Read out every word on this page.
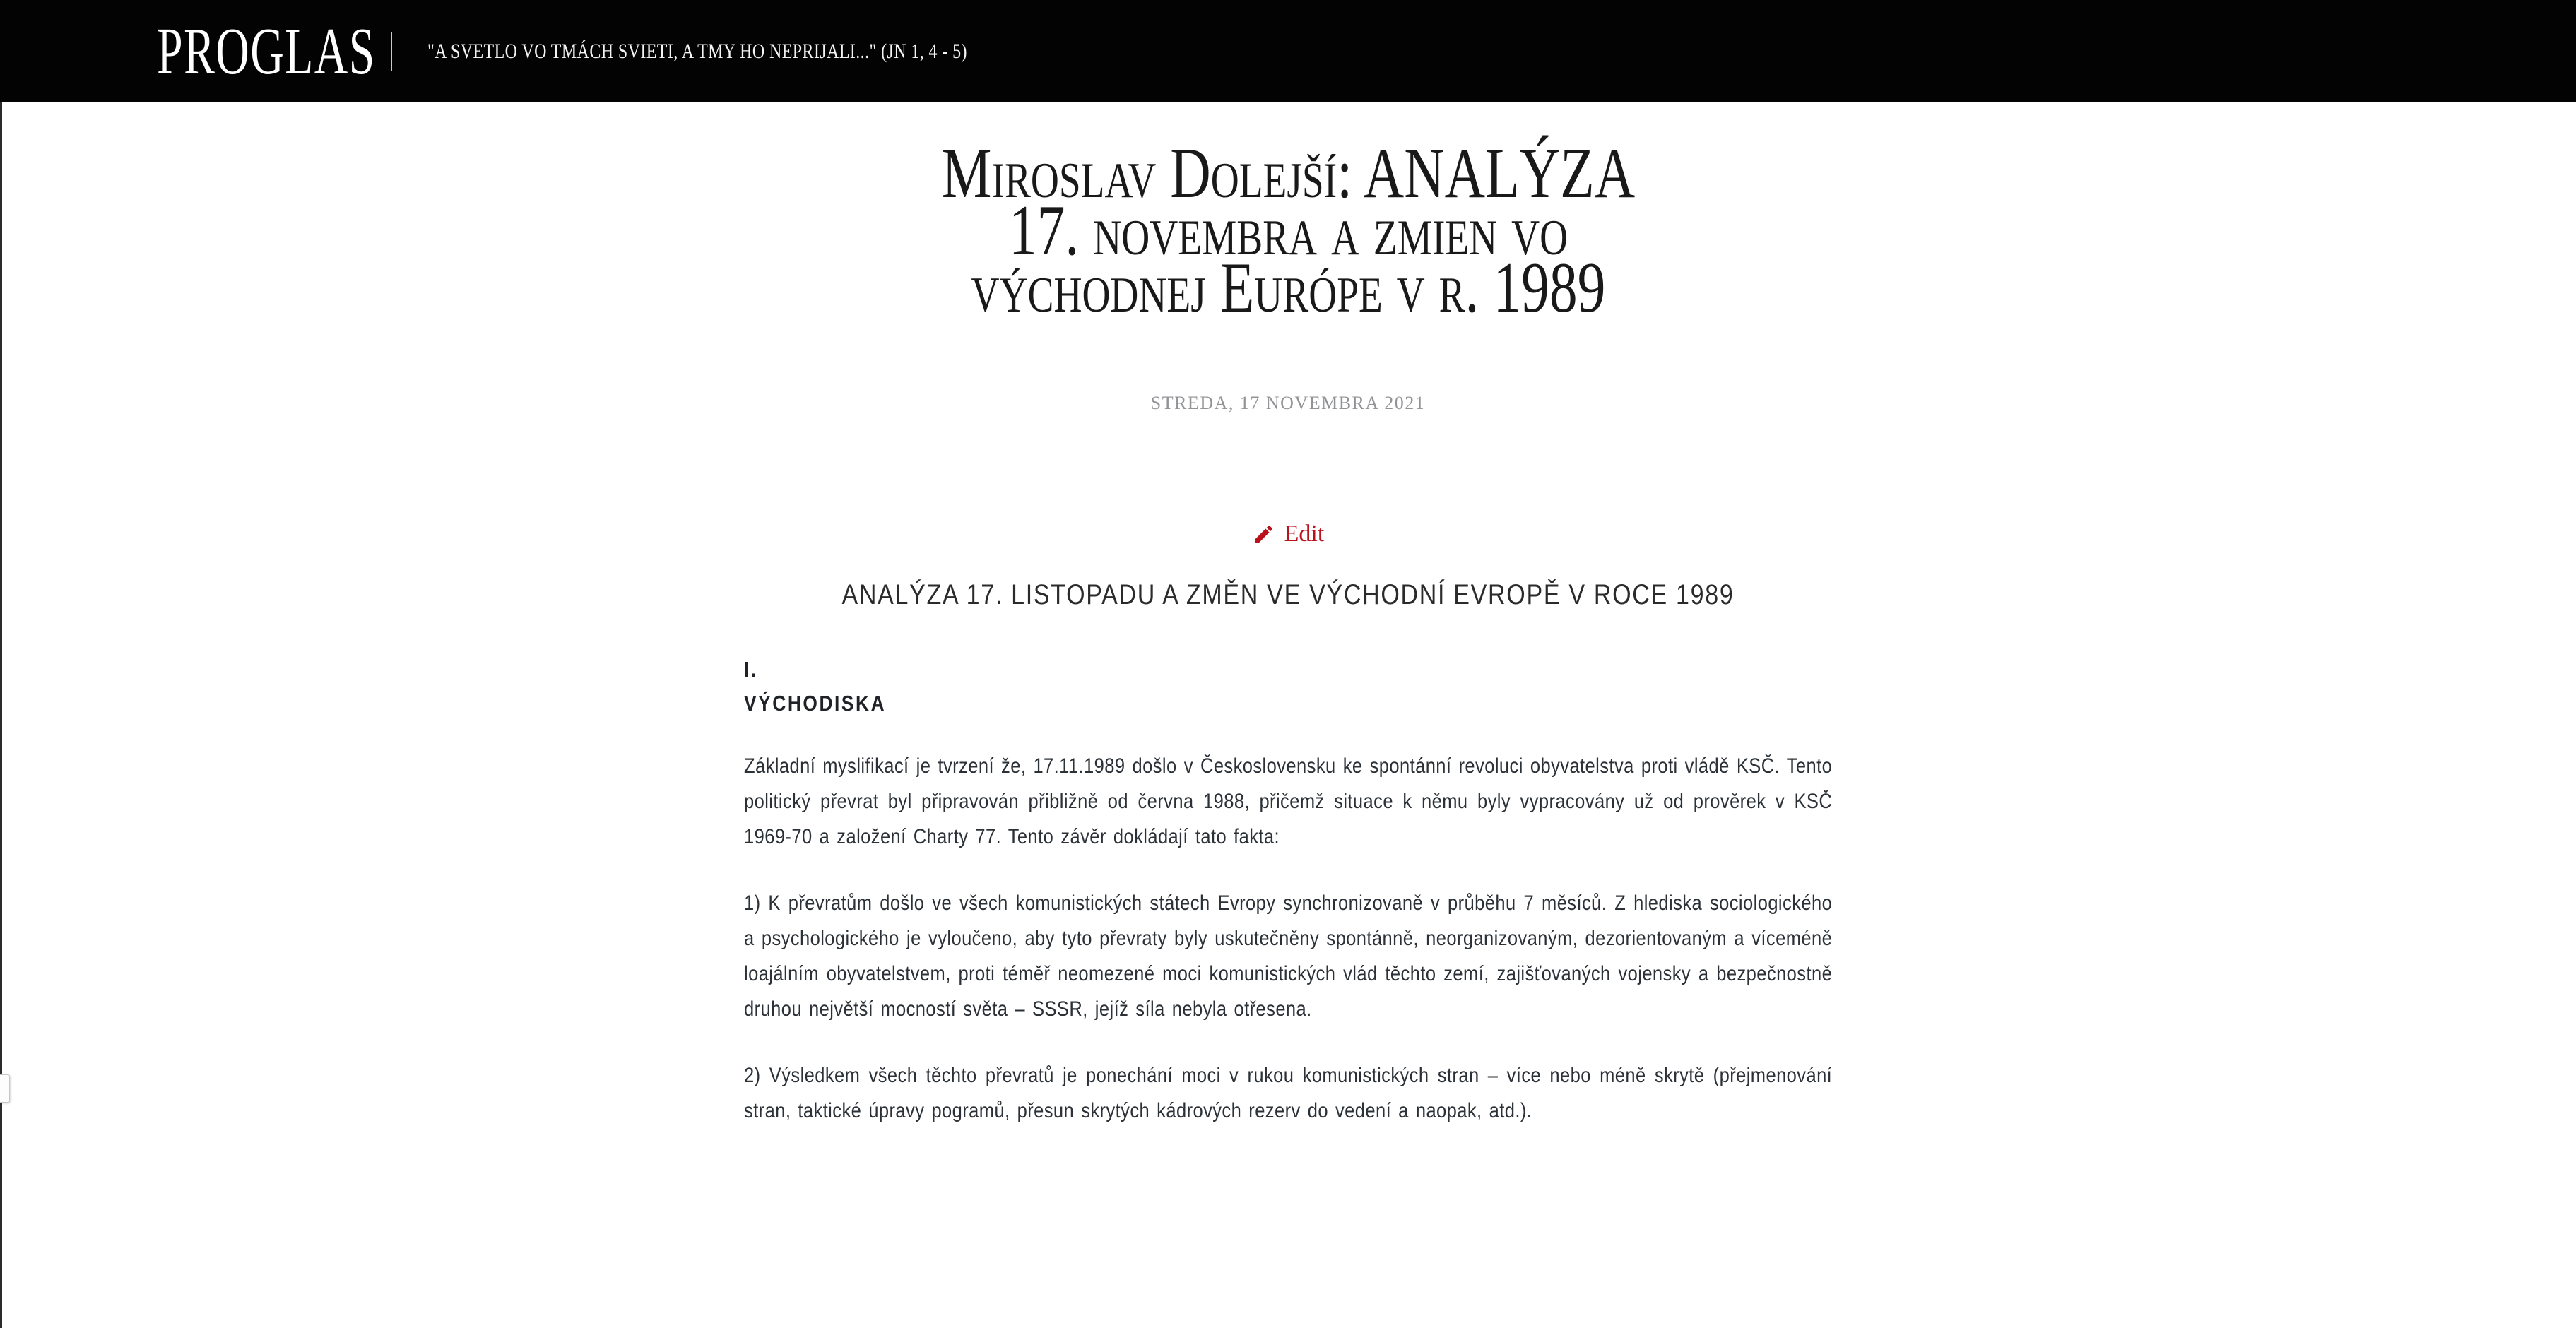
PROGLAS "A SVETLO VO TMÁCH SVIETI, A TMY HO NEPRIJALI..." (JN 1, 4 - 5)
Miroslav Dolejší: ANALÝZA
17. novembra a zmien vo
východnej Európe v r. 1989
STREDA, 17 NOVEMBRA 2021
Edit
ANALÝZA 17. LISTOPADU A ZMĚN VE VÝCHODNÍ EVROPĚ V ROCE 1989
I.
VÝCHODISKA

Základní myslifikací je tvrzení že, 17.11.1989 došlo v Československu ke spontánní revoluci obyvatelstva proti vládě KSČ. Tento politický převrat byl připravován přibližně od června 1988, přičemž situace k němu byly vypracovány už od prověrek v KSČ 1969-70 a založení Charty 77. Tento závěr dokládají tato fakta:

1) K převratům došlo ve všech komunistických státech Evropy synchronizovaně v průběhu 7 měsíců. Z hlediska sociologického a psychologického je vyloučeno, aby tyto převraty byly uskutečněny spontánně, neorganizovaným, dezorientovaným a víceméně loajálním obyvatelstvem, proti téměř neomezené moci komunistických vlád těchto zemí, zajišťovaných vojensky a bezpečnostně druhou největší mocností světa – SSSR, jejíž síla nebyla otřesena.

2) Výsledkem všech těchto převratů je ponechání moci v rukou komunistických stran – více nebo méně skrytě (přejmenování stran, taktické úpravy pogramů, přesun skrytých kádrových rezerv do vedení a naopak, atd.).
